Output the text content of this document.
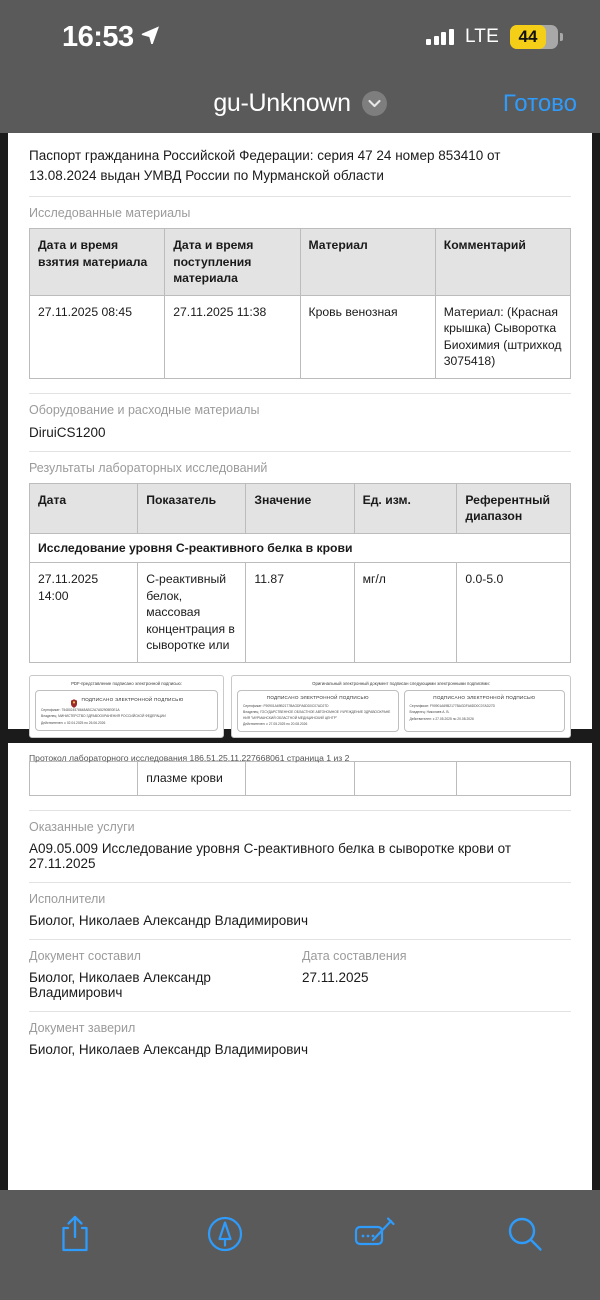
16:53	LTE	44
gu-Unknown	Готово
Паспорт гражданина Российской Федерации: серия 47 24 номер 853410 от 13.08.2024 выдан УМВД России по Мурманской области
Исследованные материалы
Дата и время взятия материала	Дата и время поступления материала	Материал	Комментарий
27.11.2025 08:45	27.11.2025 11:38	Кровь венозная	Материал: (Красная крышка) Сыворотка Биохимия (штрихкод 3075418)
Оборудование и расходные материалы
DiruiCS1200
Результаты лабораторных исследований
Дата	Показатель	Значение	Ед. изм.	Референтный диапазон
Исследование уровня С-реактивного белка в крови				
27.11.2025 14:00	С-реактивный белок, массовая концентрация в сыворотке или	11.87	мг/л	0.0-5.0
PDF-представление подписано электронной подписью:
ПОДПИСАНО ЭЛЕКТРОННОЙ ПОДПИСЬЮ
Сертификат: 7548024578648ABC2A7A52905E0E1A
Владелец: МИНИСТЕРСТВО ЗДРАВООХРАНЕНИЯ РОССИЙСКОЙ ФЕДЕРАЦИИ
Действителен: с 02.04.2025 по 26.06.2026
Оригинальный электронный документ подписан следующими электронными подписями:
ПОДПИСАНО ЭЛЕКТРОННОЙ ПОДПИСЬЮ
Сертификат: F90901A69B2177BAGDFA6DD0C07AD27D
Владелец: ГОСУДАРСТВЕННОЕ ОБЛАСТНОЕ АВТОНОМНОЕ УЧРЕЖДЕНИЕ ЗДРАВООХРАНЕНИЯ "МУРМАНСКИЙ ОБЛАСТНОЙ МЕДИЦИНСКИЙ ЦЕНТР"
Действителен: с 27.05.2025 по 20.08.2026
ПОДПИСАНО ЭЛЕКТРОННОЙ ПОДПИСЬЮ
Сертификат: F90901A69B2177BAGDFA6DD0C07AD27D
Владелец: Николаев А. В.
Действителен: с 27.05.2025 по 20.08.2026
Протокол лабораторного исследования 186.51.25.11.227668061 страница 1 из 2
	плазме крови			
Оказанные услуги
A09.05.009 Исследование уровня С-реактивного белка в сыворотке крови от 27.11.2025
Исполнители
Биолог, Николаев Александр Владимирович
Документ составил	Дата составления
Биолог, Николаев Александр Владимирович
27.11.2025
Документ заверил
Биолог, Николаев Александр Владимирович
